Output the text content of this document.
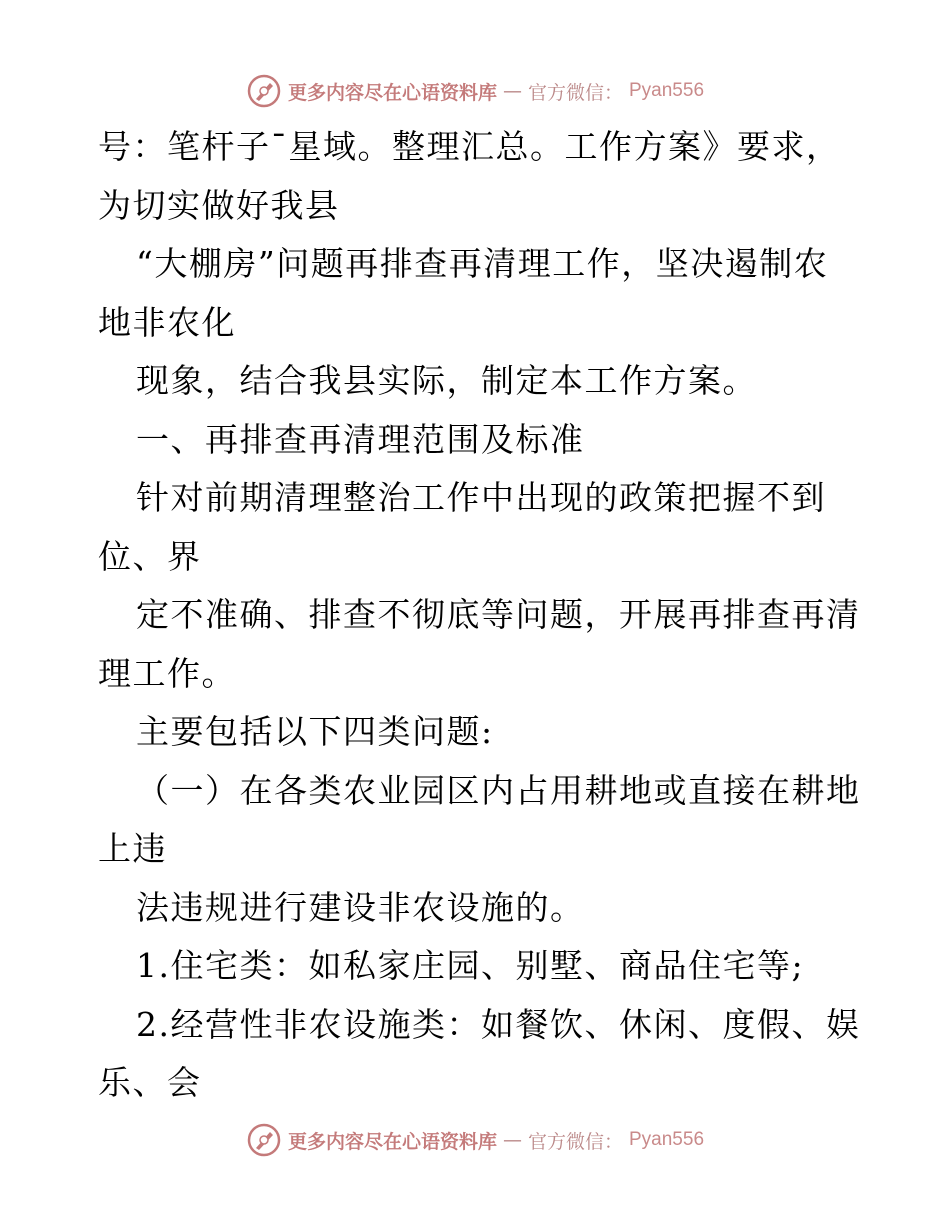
更多内容尽在心语资料库 — 官方微信： Pyan556
号：笔杆子¯星域。整理汇总。工作方案》要求，
为切实做好我县
“大棚房”问题再排查再清理工作，坚决遏制农
地非农化
现象，结合我县实际，制定本工作方案。
一、再排查再清理范围及标准
针对前期清理整治工作中出现的政策把握不到
位、界
定不准确、排查不彻底等问题，开展再排查再清
理工作。
主要包括以下四类问题:
（一）在各类农业园区内占用耕地或直接在耕地
上违
法违规进行建设非农设施的。
1.住宅类：如私家庄园、别墅、商品住宅等;
2.经营性非农设施类：如餐饮、休闲、度假、娱
乐、会
更多内容尽在心语资料库 — 官方微信： Pyan556
